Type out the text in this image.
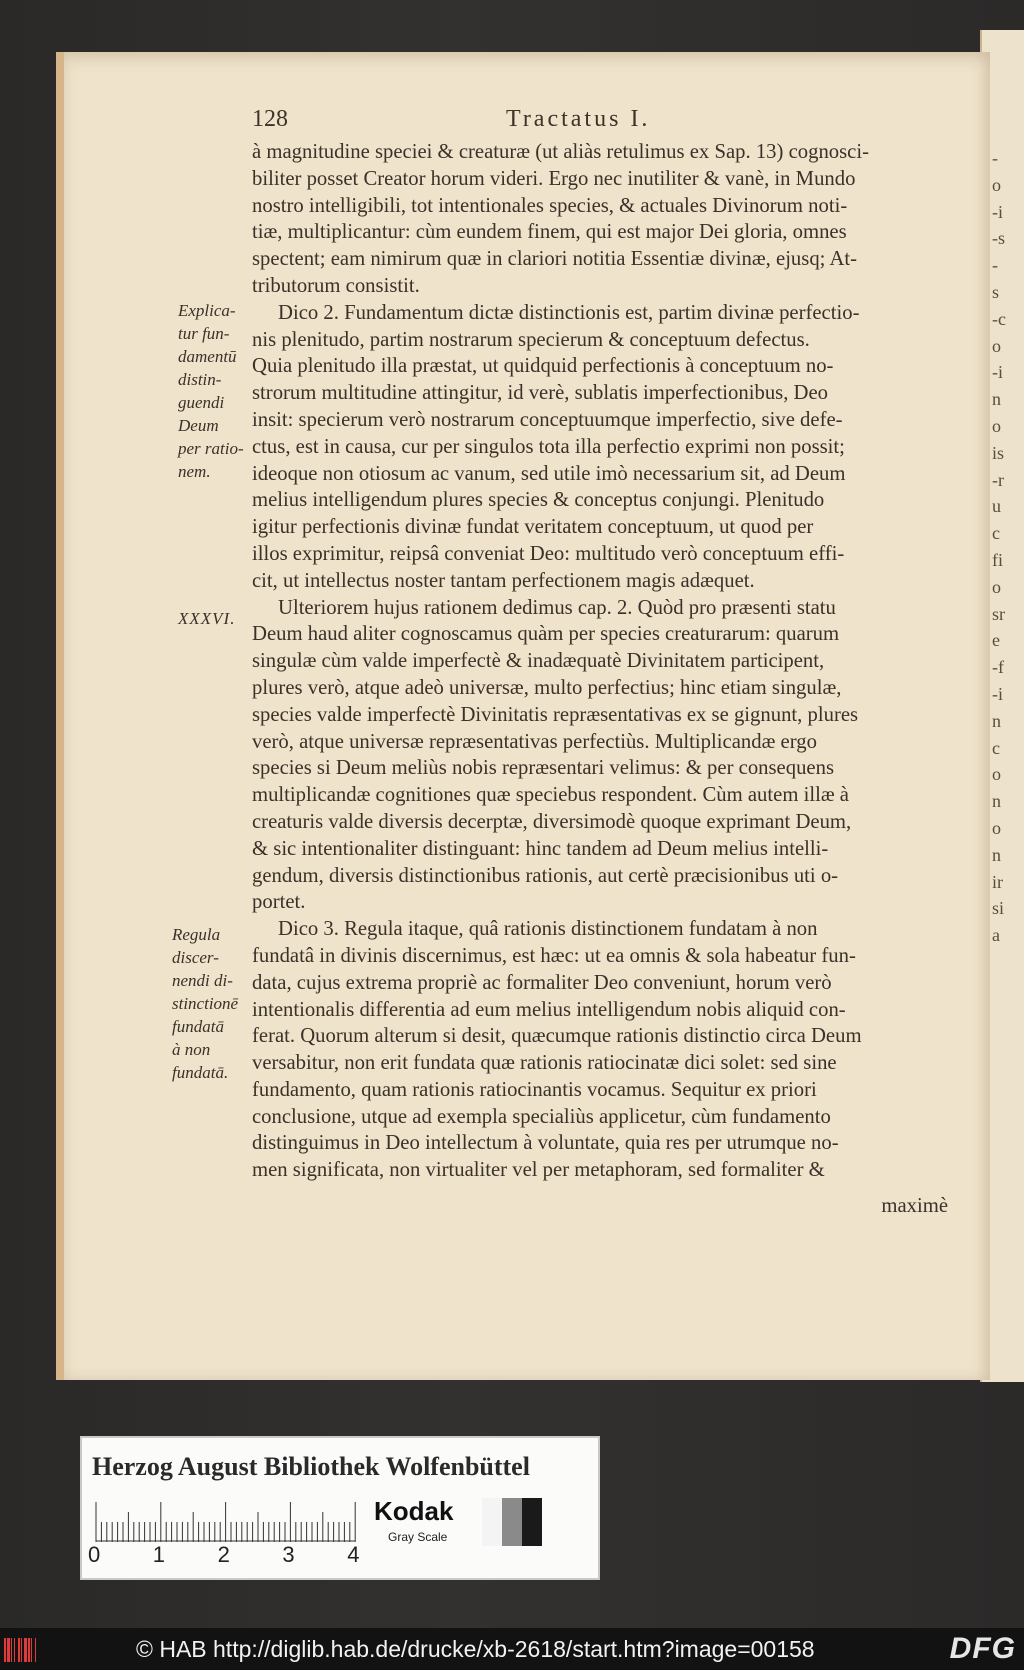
-
o
-i
-s
-
s
-c
o
-i
n
o
is
-r
u
c
fi
o
sr
e
-f
-i
n
c
o
n
o
n
ir
si
a
128	Tractatus I.
à magnitudine speciei & creaturæ (ut aliàs retulimus ex Sap. 13) cognosci-
biliter posset Creator horum videri. Ergo nec inutiliter & vanè, in Mundo
nostro intelligibili, tot intentionales species, & actuales Divinorum noti-
tiæ, multiplicantur: cùm eundem finem, qui est major Dei gloria, omnes
spectent; eam nimirum quæ in clariori notitia Essentiæ divinæ, ejusq; At-
tributorum consistit.
Dico 2. Fundamentum dictæ distinctionis est, partim divinæ perfectio-
nis plenitudo, partim nostrarum specierum & conceptuum defectus.
Quia plenitudo illa præstat, ut quidquid perfectionis à conceptuum no-
strorum multitudine attingitur, id verè, sublatis imperfectionibus, Deo
insit: specierum verò nostrarum conceptuumque imperfectio, sive defe-
ctus, est in causa, cur per singulos tota illa perfectio exprimi non possit;
ideoque non otiosum ac vanum, sed utile imò necessarium sit, ad Deum
melius intelligendum plures species & conceptus conjungi. Plenitudo
igitur perfectionis divinæ fundat veritatem conceptuum, ut quod per
illos exprimitur, reipsâ conveniat Deo: multitudo verò conceptuum effi-
cit, ut intellectus noster tantam perfectionem magis adæquet.
Ulteriorem hujus rationem dedimus cap. 2. Quòd pro præsenti statu
Deum haud aliter cognoscamus quàm per species creaturarum: quarum
singulæ cùm valde imperfectè & inadæquatè Divinitatem participent,
plures verò, atque adeò universæ, multo perfectius; hinc etiam singulæ,
species valde imperfectè Divinitatis repræsentativas ex se gignunt, plures
verò, atque universæ repræsentativas perfectiùs. Multiplicandæ ergo
species si Deum meliùs nobis repræsentari velimus: & per consequens
multiplicandæ cognitiones quæ speciebus respondent. Cùm autem illæ à
creaturis valde diversis decerptæ, diversimodè quoque exprimant Deum,
& sic intentionaliter distinguant: hinc tandem ad Deum melius intelli-
gendum, diversis distinctionibus rationis, aut certè præcisionibus uti o-
portet.
Dico 3. Regula itaque, quâ rationis distinctionem fundatam à non
fundatâ in divinis discernimus, est hæc: ut ea omnis & sola habeatur fun-
data, cujus extrema propriè ac formaliter Deo conveniunt, horum verò
intentionalis differentia ad eum melius intelligendum nobis aliquid con-
ferat. Quorum alterum si desit, quæcumque rationis distinctio circa Deum
versabitur, non erit fundata quæ rationis ratiocinatæ dici solet: sed sine
fundamento, quam rationis ratiocinantis vocamus. Sequitur ex priori
conclusione, utque ad exempla specialiùs applicetur, cùm fundamento
distinguimus in Deo intellectum à voluntate, quia res per utrumque no-
men significata, non virtualiter vel per metaphoram, sed formaliter &
maximè
Explica-
tur fun-
damentū
distin-
guendi
Deum
per ratio-
nem.
XXXVI.
Regula
discer-
nendi di-
stinctionē
fundatā
à non
fundatā.
Herzog August Bibliothek Wolfenbüttel
0 1 2 3 4
Kodak
Gray Scale
© HAB http://diglib.hab.de/drucke/xb-2618/start.htm?image=00158	DFG
